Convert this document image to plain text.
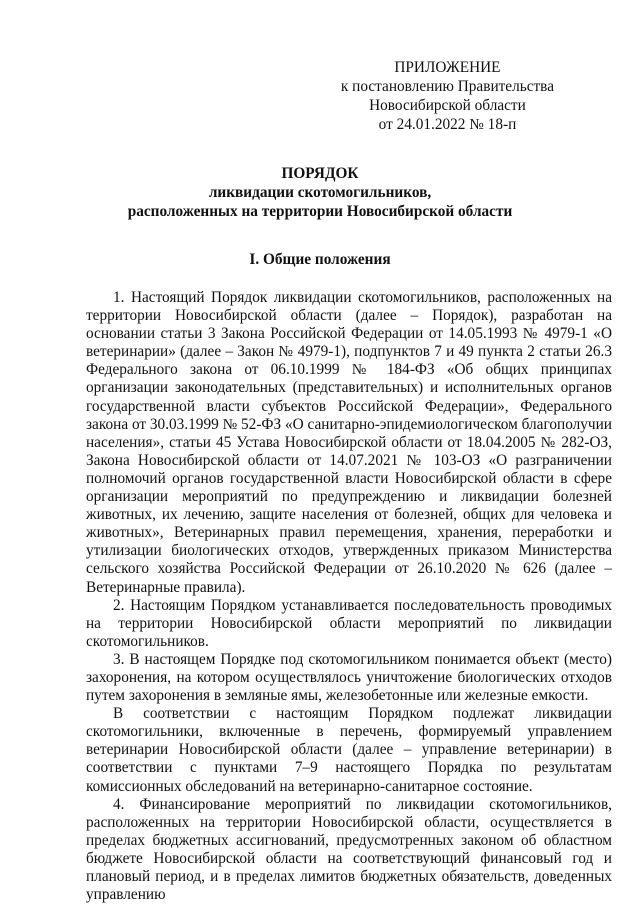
ПРИЛОЖЕНИЕ
к постановлению Правительства
Новосибирской области
от 24.01.2022 № 18-п
ПОРЯДОК
ликвидации скотомогильников,
расположенных на территории Новосибирской области
I. Общие положения

1. Настоящий Порядок ликвидации скотомогильников, расположенных на территории Новосибирской области (далее – Порядок), разработан на основании статьи 3 Закона Российской Федерации от 14.05.1993 № 4979-1 «О ветеринарии» (далее – Закон № 4979-1), подпунктов 7 и 49 пункта 2 статьи 26.3 Федерального закона от 06.10.1999 № 184-ФЗ «Об общих принципах организации законодательных (представительных) и исполнительных органов государственной власти субъектов Российской Федерации», Федерального закона от 30.03.1999 № 52-ФЗ «О санитарно-эпидемиологическом благополучии населения», статьи 45 Устава Новосибирской области от 18.04.2005 № 282-ОЗ, Закона Новосибирской области от 14.07.2021 № 103-ОЗ «О разграничении полномочий органов государственной власти Новосибирской области в сфере организации мероприятий по предупреждению и ликвидации болезней животных, их лечению, защите населения от болезней, общих для человека и животных», Ветеринарных правил перемещения, хранения, переработки и утилизации биологических отходов, утвержденных приказом Министерства сельского хозяйства Российской Федерации от 26.10.2020 № 626 (далее – Ветеринарные правила).

2. Настоящим Порядком устанавливается последовательность проводимых на территории Новосибирской области мероприятий по ликвидации скотомогильников.

3. В настоящем Порядке под скотомогильником понимается объект (место) захоронения, на котором осуществлялось уничтожение биологических отходов путем захоронения в земляные ямы, железобетонные или железные емкости.

В соответствии с настоящим Порядком подлежат ликвидации скотомогильники, включенные в перечень, формируемый управлением ветеринарии Новосибирской области (далее – управление ветеринарии) в соответствии с пунктами 7–9 настоящего Порядка по результатам комиссионных обследований на ветеринарно-санитарное состояние.

4. Финансирование мероприятий по ликвидации скотомогильников, расположенных на территории Новосибирской области, осуществляется в пределах бюджетных ассигнований, предусмотренных законом об областном бюджете Новосибирской области на соответствующий финансовый год и плановый период, и в пределах лимитов бюджетных обязательств, доведенных управлению
